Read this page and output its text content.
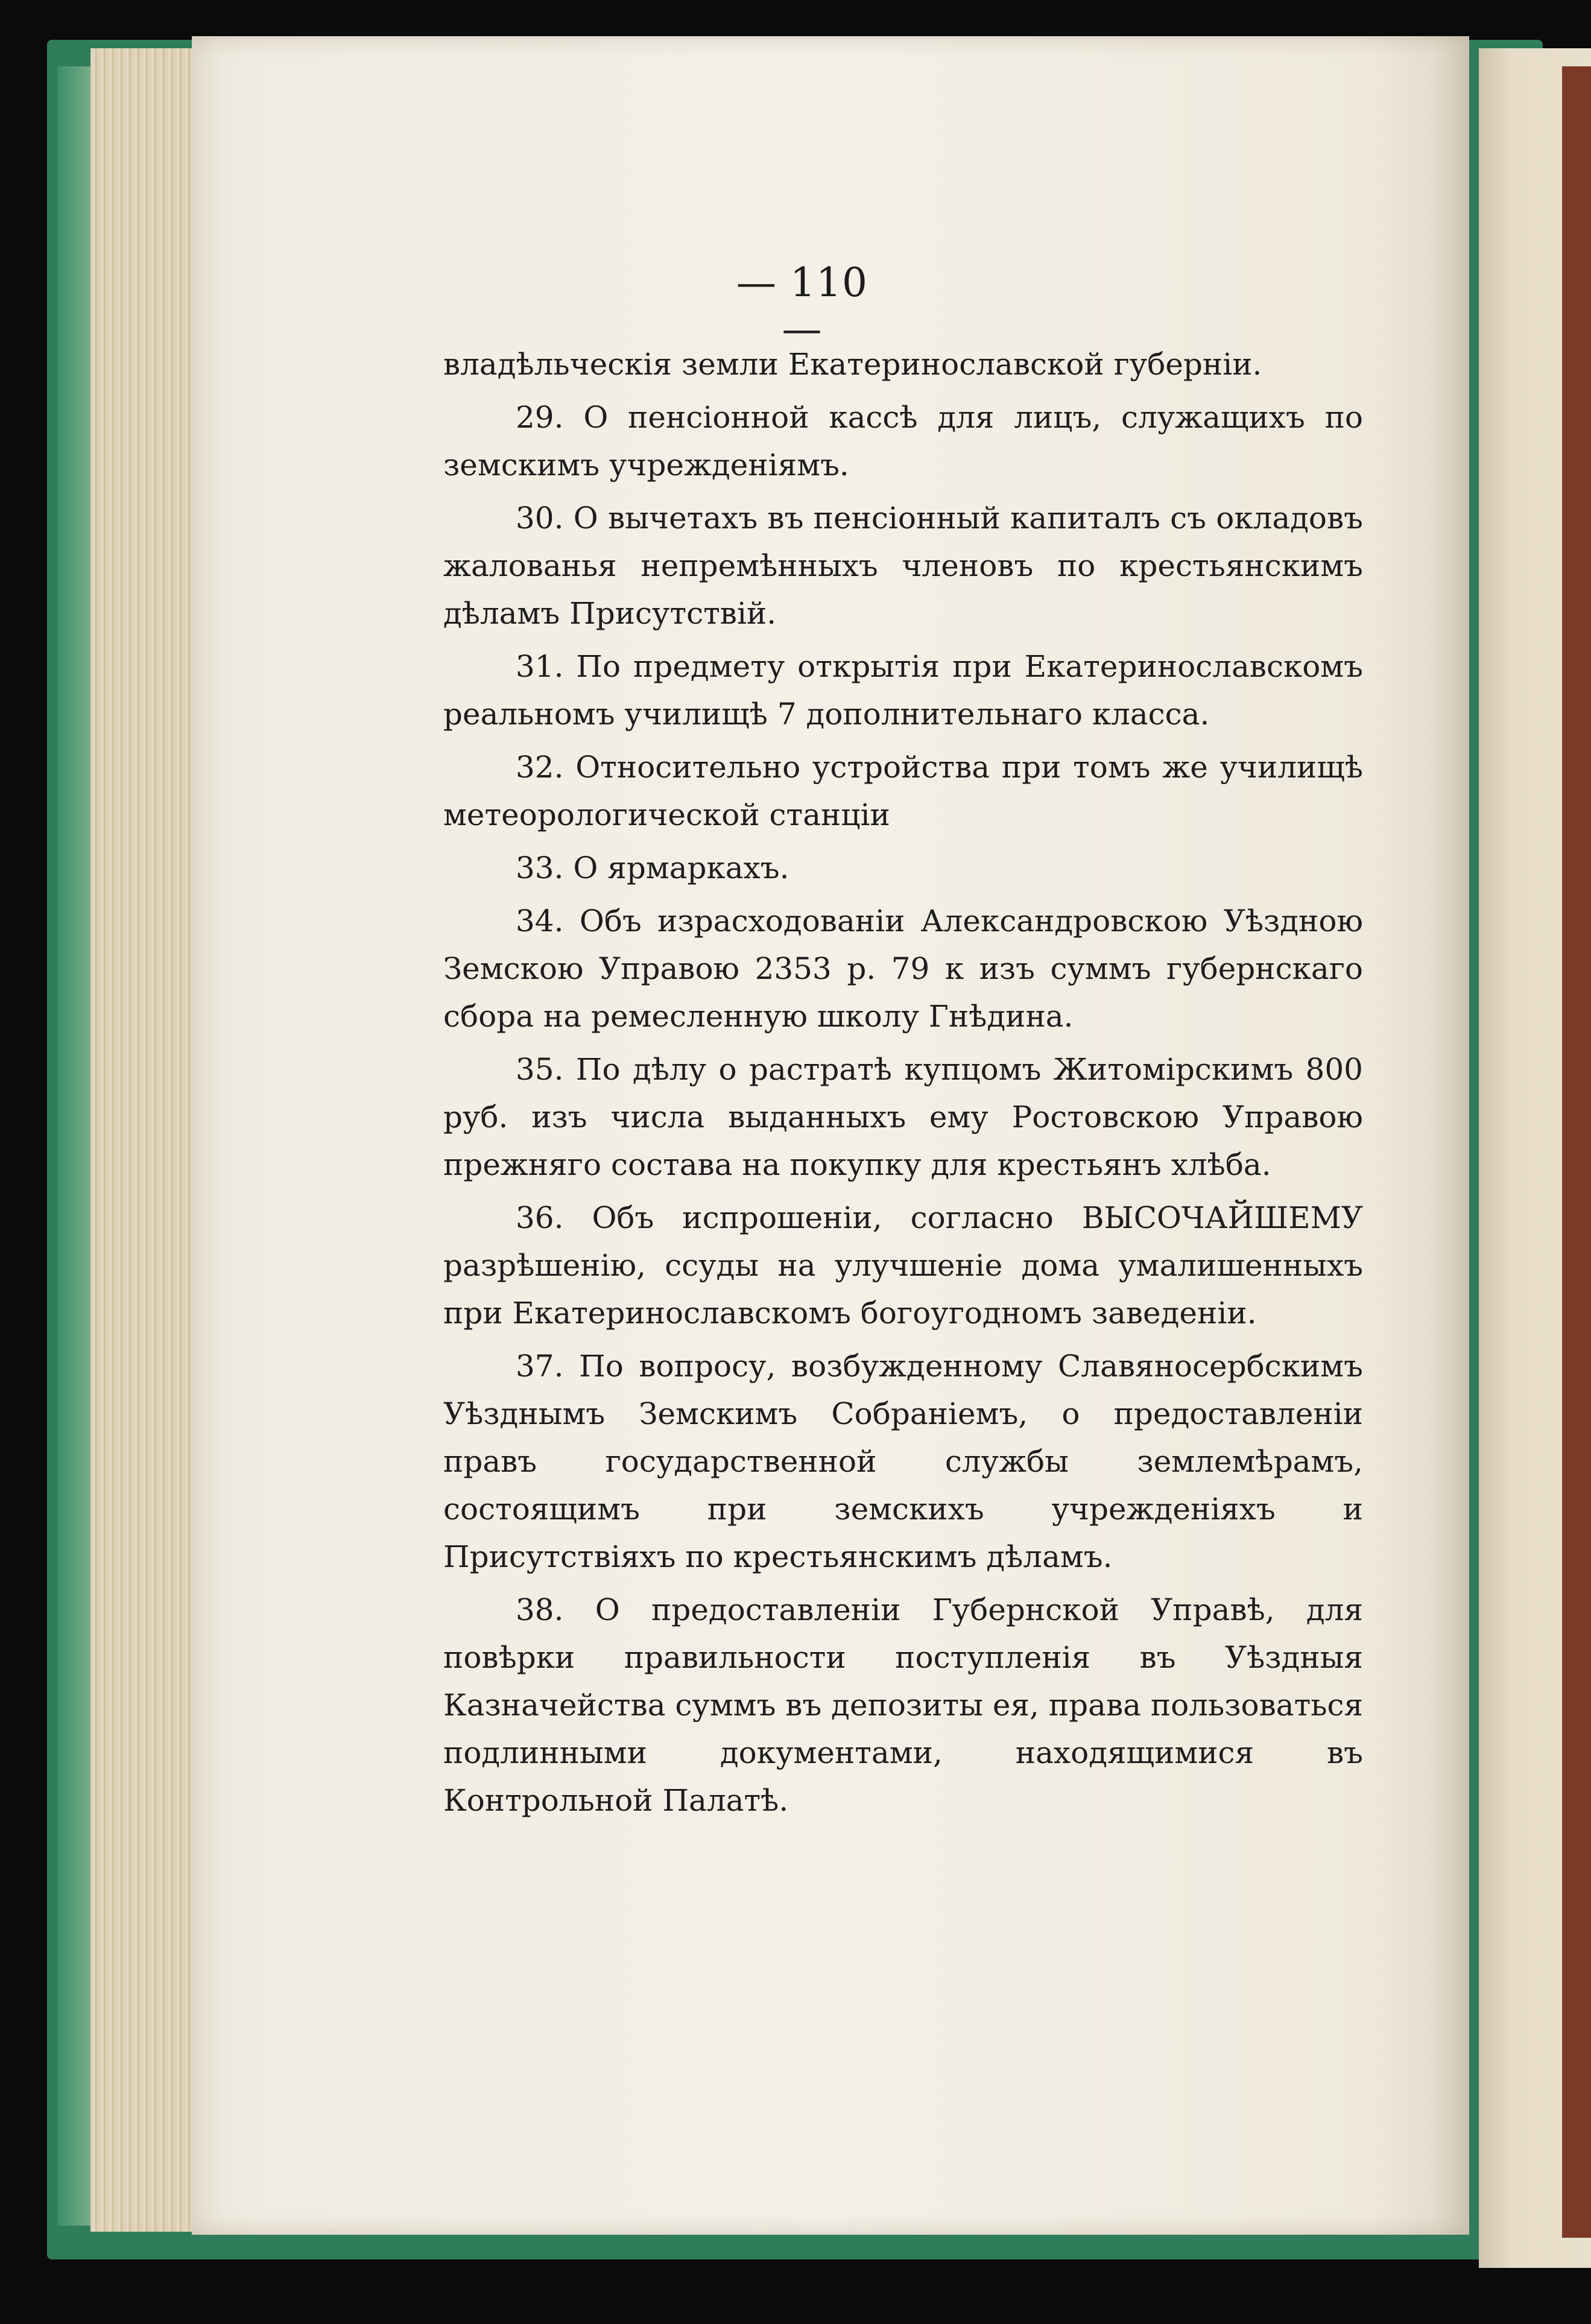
— 110 —

владѣльческія земли Екатеринославской губерніи.

29. О пенсіонной кассѣ для лицъ, служащихъ по земскимъ учрежденіямъ.

30. О вычетахъ въ пенсіонный капиталъ съ окладовъ жалованья непремѣнныхъ членовъ по крестьянскимъ дѣламъ Присутствій.

31. По предмету открытія при Екатеринославскомъ реальномъ училищѣ 7 дополнительнаго класса.

32. Относительно устройства при томъ же училищѣ метеорологической станціи

33. О ярмаркахъ.

34. Объ израсходованіи Александровскою Уѣздною Земскою Управою 2353 р. 79 к изъ суммъ губернскаго сбора на ремесленную школу Гнѣдина.

35. По дѣлу о растратѣ купцомъ Житомірскимъ 800 руб. изъ числа выданныхъ ему Ростовскою Управою прежняго состава на покупку для крестьянъ хлѣба.

36. Объ испрошеніи, согласно ВЫСОЧАЙШЕМУ разрѣшенію, ссуды на улучшеніе дома умалишенныхъ при Екатеринославскомъ богоугодномъ заведеніи.

37. По вопросу, возбужденному Славяносербскимъ Уѣзднымъ Земскимъ Собраніемъ, о предоставленіи правъ государственной службы землемѣрамъ, состоящимъ при земскихъ учрежденіяхъ и Присутствіяхъ по крестьянскимъ дѣламъ.

38. О предоставленіи Губернской Управѣ, для повѣрки правильности поступленія въ Уѣздныя Казначейства суммъ въ депозиты ея, права пользоваться подлинными документами, находящимися въ Контрольной Палатѣ.
